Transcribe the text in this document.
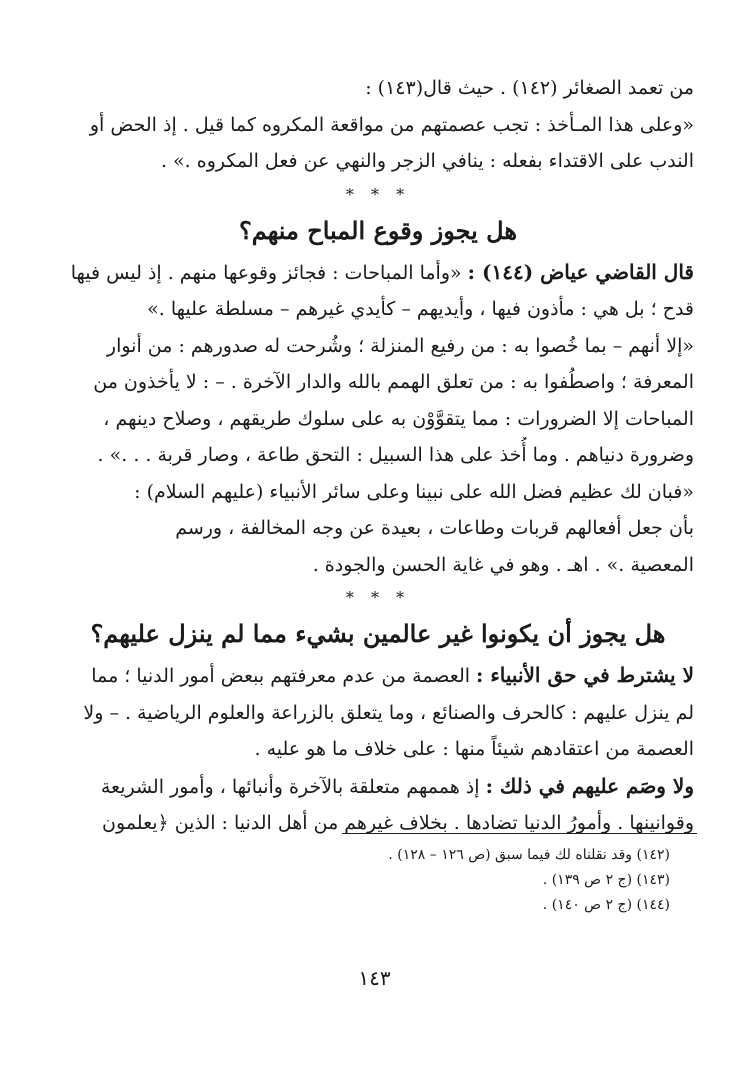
من تعمد الصغائر (١٤٢) . حيث قال(١٤٣) :
«وعلى هذا المـأخذ : تجب عصمتهم من مواقعة المكروه كما قيل . إذ الحض أو
الندب على الاقتداء بفعله : ينافي الزجر والنهي عن فعل المكروه .» .

* * *
هل يجوز وقوع المباح منهم؟

قال القاضي عياض (١٤٤) : «وأما المباحات : فجائز وقوعها منهم . إذ ليس فيها
قدح ؛ بل هي : مأذون فيها ، وأيديهم – كأيدي غيرهم – مسلطة عليها .»

«إلا أنهم – بما خُصوا به : من رفيع المنزلة ؛ وشُرحت له صدورهم : من أنوار
المعرفة ؛ واصطُفوا به : من تعلق الهمم بالله والدار الآخرة . – : لا يأخذون من
المباحات إلا الضرورات : مما يتقوَّوْن به على سلوك طريقهم ، وصلاح دينهم ،
وضرورة دنياهم . وما أُخذ على هذا السبيل : التحق طاعة ، وصار قربة . . .» .

«فبان لك عظيم فضل الله على نبينا وعلى سائر الأنبياء (عليهم السلام) :
بأن جعل أفعالهم قربات وطاعات ، بعيدة عن وجه المخالفة ، ورسم
المعصية .» . اهـ . وهو في غاية الحسن والجودة .

* * *
هل يجوز أن يكونوا غير عالمين بشيء مما لم ينزل عليهم؟

لا يشترط في حق الأنبياء : العصمة من عدم معرفتهم ببعض أمور الدنيا ؛ مما
لم ينزل عليهم : كالحرف والصنائع ، وما يتعلق بالزراعة والعلوم الرياضية . – ولا
العصمة من اعتقادهم شيئاً منها : على خلاف ما هو عليه .

ولا وصَم عليهم في ذلك : إذ هممهم متعلقة بالآخرة وأنبائها ، وأمور الشريعة
وقوانينها . وأمورُ الدنيا تضادها . بخلاف غيرهم من أهل الدنيا : الذين ﴿يعلمون

(١٤٢) وقد نقلناه لك فيما سبق (ص ١٢٦ – ١٢٨) .
(١٤٣) (ج ٢ ص ١٣٩) .
(١٤٤) (ج ٢ ص ١٤٠) .
١٤٣
